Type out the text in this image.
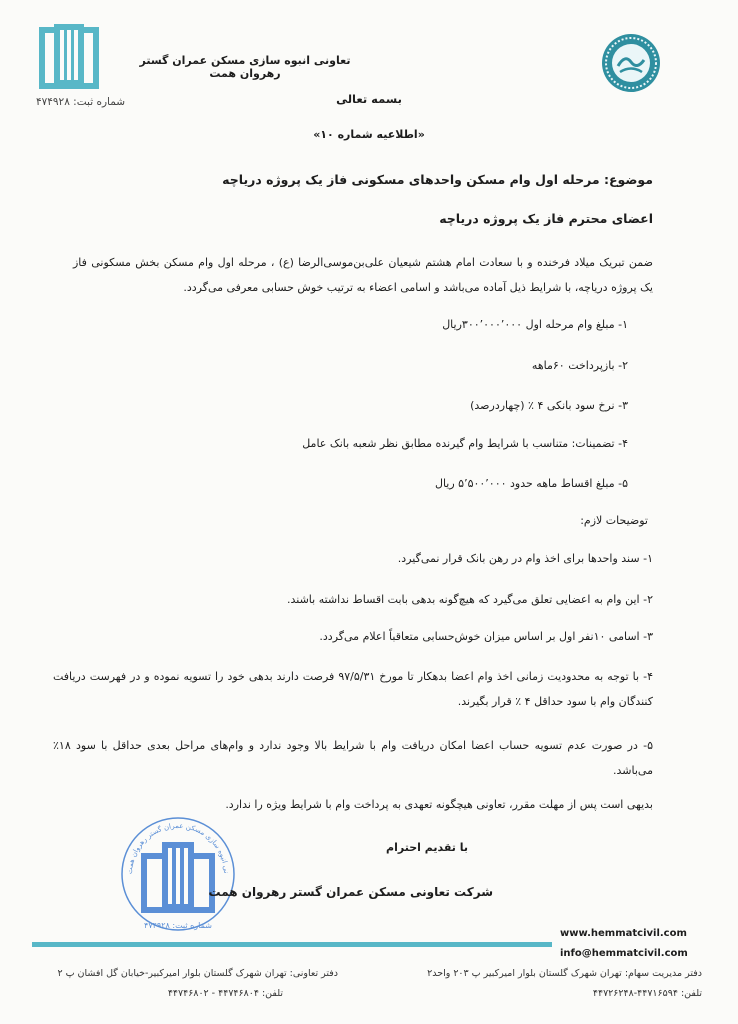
شماره ثبت: ۴۷۴۹۲۸
تعاونی انبوه سازی مسکن عمران گستر رهروان همت
بسمه تعالی
«اطلاعیه شماره ۱۰»
موضوع: مرحله اول وام مسکن واحدهای مسکونی فاز یک پروژه دریاچه
اعضای محترم فاز یک پروژه دریاچه
ضمن تبریک میلاد فرخنده و با سعادت امام هشتم شیعیان علی‌بن‌موسی‌الرضا (ع) ، مرحله اول وام مسکن بخش مسکونی فاز یک پروژه دریاچه، با شرایط ذیل آماده می‌باشد و اسامی اعضاء به ترتیب خوش حسابی معرفی می‌گردد.
۱- مبلغ وام مرحله اول ۳۰۰٬۰۰۰٬۰۰۰ریال
۲- بازپرداخت ۶۰ماهه
۳- نرخ سود بانکی ۴ ٪ (چهاردرصد)
۴- تضمینات: متناسب با شرایط وام گیرنده مطابق نظر شعبه بانک عامل
۵- مبلغ اقساط ماهه حدود ۵٬۵۰۰٬۰۰۰ ریال
توضیحات لازم:
۱- سند واحدها برای اخذ وام در رهن بانک قرار نمی‌گیرد.
۲- این وام به اعضایی تعلق می‌گیرد که هیچ‌گونه بدهی بابت اقساط نداشته باشند.
۳- اسامی ۱۰نفر اول بر اساس میزان خوش‌حسابی متعاقباً اعلام می‌گردد.
۴- با توجه به محدودیت زمانی اخذ وام اعضا بدهکار تا مورخ ۹۷/۵/۳۱ فرصت دارند بدهی خود را تسویه نموده و در فهرست دریافت کنندگان وام با سود حداقل ۴ ٪ قرار بگیرند.
۵- در صورت عدم تسویه حساب اعضا امکان دریافت وام با شرایط بالا وجود ندارد و وام‌های مراحل بعدی حداقل با سود ۱۸٪ می‌باشد.
بدیهی است پس از مهلت مقرر، تعاونی هیچگونه تعهدی به پرداخت وام با شرایط ویژه را ندارد.
نی انبوه سازی مسکن عمران گستر رهروان همت
شماره ثبت: ۴۷۴۹۲۸
با تقدیم احترام
شرکت تعاونی مسکن عمران گستر رهروان همت
www.hemmatcivil.com
info@hemmatcivil.com
دفتر مدیریت سهام: تهران شهرک گلستان بلوار امیرکبیر پ ۲۰۳ واحد۲
تلفن: ۴۴۷۱۶۵۹۴-۴۴۷۲۶۲۴۸
دفتر تعاونی: تهران شهرک گلستان بلوار امیرکبیر-خیابان گل افشان پ ۲
تلفن: ۴۴۷۴۶۸۰۴ - ۴۴۷۴۶۸۰۲
